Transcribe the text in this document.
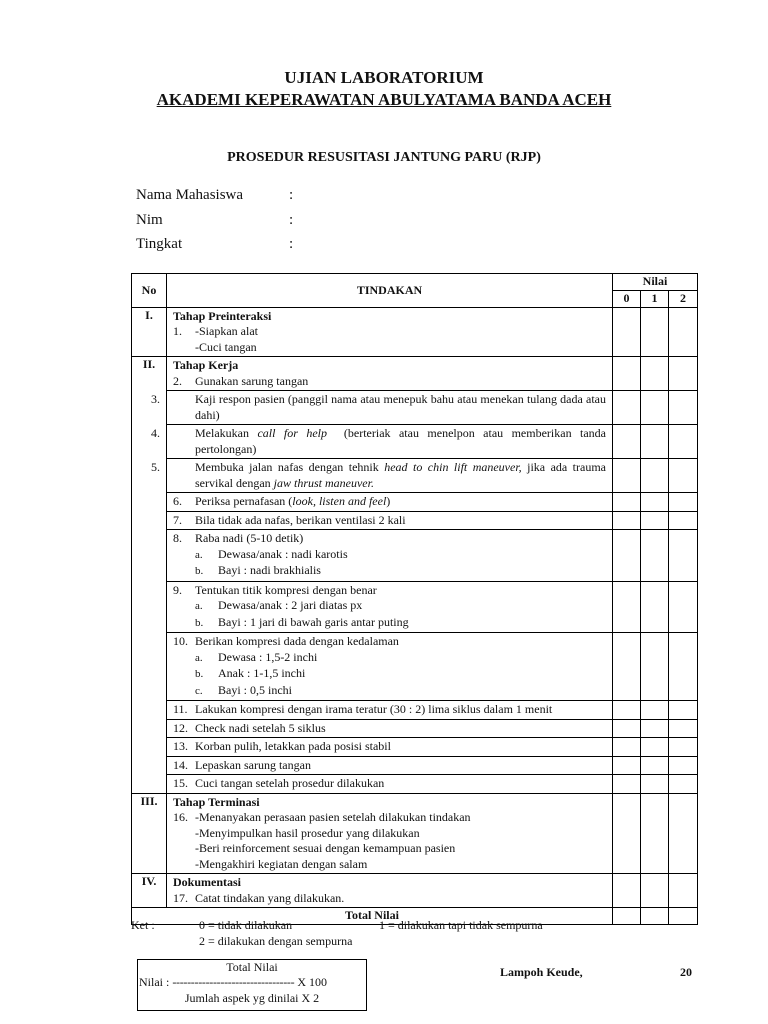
UJIAN LABORATORIUM
AKADEMI KEPERAWATAN ABULYATAMA BANDA ACEH
PROSEDUR RESUSITASI JANTUNG PARU (RJP)
Nama Mahasiswa	:
Nim	:
Tingkat	:
No	TINDAKAN	Nilai		
		0	1	2
I.	Tahap Preinteraksi
1. -Siapkan alat
-Cuci tangan			

II.	Tahap Kerja
2. Gunakan sarung tangan			

	3. Kaji respon pasien (panggil nama atau menepuk bahu atau menekan tulang dada atau dahi)			

	4. Melakukan call for help  (berteriak atau menelpon atau memberikan tanda pertolongan)			

	5. Membuka jalan nafas dengan tehnik head to chin lift maneuver, jika ada trauma servikal dengan jaw thrust maneuver.			

	6. Periksa pernafasan (look, listen and feel)			

	7. Bila tidak ada nafas, berikan ventilasi 2 kali			

	8. Raba nadi (5-10 detik)
a. Dewasa/anak : nadi karotis
b. Bayi : nadi brakhialis			

	9. Tentukan titik kompresi dengan benar
a. Dewasa/anak : 2 jari diatas px
b. Bayi : 1 jari di bawah garis antar puting			

	10. Berikan kompresi dada dengan kedalaman
a. Dewasa : 1,5-2 inchi
b. Anak : 1-1,5 inchi
c. Bayi : 0,5 inchi			

	11. Lakukan kompresi dengan irama teratur (30 : 2) lima siklus dalam 1 menit			

	12. Check nadi setelah 5 siklus			

	13. Korban pulih, letakkan pada posisi stabil			

	14. Lepaskan sarung tangan			

	15. Cuci tangan setelah prosedur dilakukan			

III.	Tahap Terminasi
16. -Menanyakan perasaan pasien setelah dilakukan tindakan
-Menyimpulkan hasil prosedur yang dilakukan
-Beri reinforcement sesuai dengan kemampuan pasien
-Mengakhiri kegiatan dengan salam			

IV.	Dokumentasi
17. Catat tindakan yang dilakukan.			

Total Nilai				
Ket :	0 = tidak dilakukan	1 = dilakukan tapi tidak sempurna
2 = dilakukan dengan sempurna
Total Nilai
Nilai : --------------------------------- X 100
Jumlah aspek yg dinilai X 2
Lampoh Keude,	20
